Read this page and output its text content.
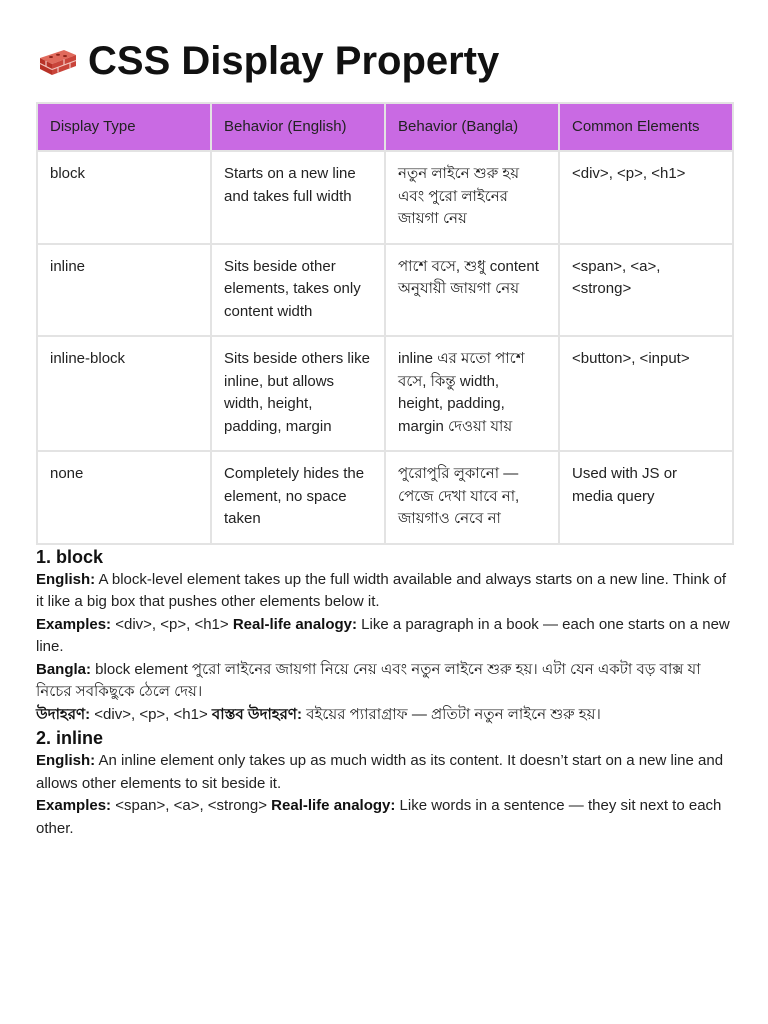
CSS Display Property
Display Type	Behavior (English)	Behavior (Bangla)	Common Elements
block	Starts on a new line and takes full width	নতুন লাইনে শুরু হয় এবং পুরো লাইনের জায়গা নেয়	<div>, <p>, <h1>
inline	Sits beside other elements, takes only content width	পাশে বসে, শুধু content অনুযায়ী জায়গা নেয়	<span>, <a>, <strong>
inline-block	Sits beside others like inline, but allows width, height, padding, margin	inline এর মতো পাশে বসে, কিন্তু width, height, padding, margin দেওয়া যায়	<button>, <input>
none	Completely hides the element, no space taken	পুরোপুরি লুকানো — পেজে দেখা যাবে না, জায়গাও নেবে না	Used with JS or media query
1. block

English: A block-level element takes up the full width available and always starts on a new line. Think of it like a big box that pushes other elements below it.

Examples: <div>, <p>, <h1> Real-life analogy: Like a paragraph in a book — each one starts on a new line.

Bangla: block element পুরো লাইনের জায়গা নিয়ে নেয় এবং নতুন লাইনে শুরু হয়। এটা যেন একটা বড় বাক্স যা নিচের সবকিছুকে ঠেলে দেয়।

উদাহরণ: <div>, <p>, <h1> বাস্তব উদাহরণ: বইয়ের প্যারাগ্রাফ — প্রতিটা নতুন লাইনে শুরু হয়।

2. inline

English: An inline element only takes up as much width as its content. It doesn’t start on a new line and allows other elements to sit beside it.

Examples: <span>, <a>, <strong> Real-life analogy: Like words in a sentence — they sit next to each other.
